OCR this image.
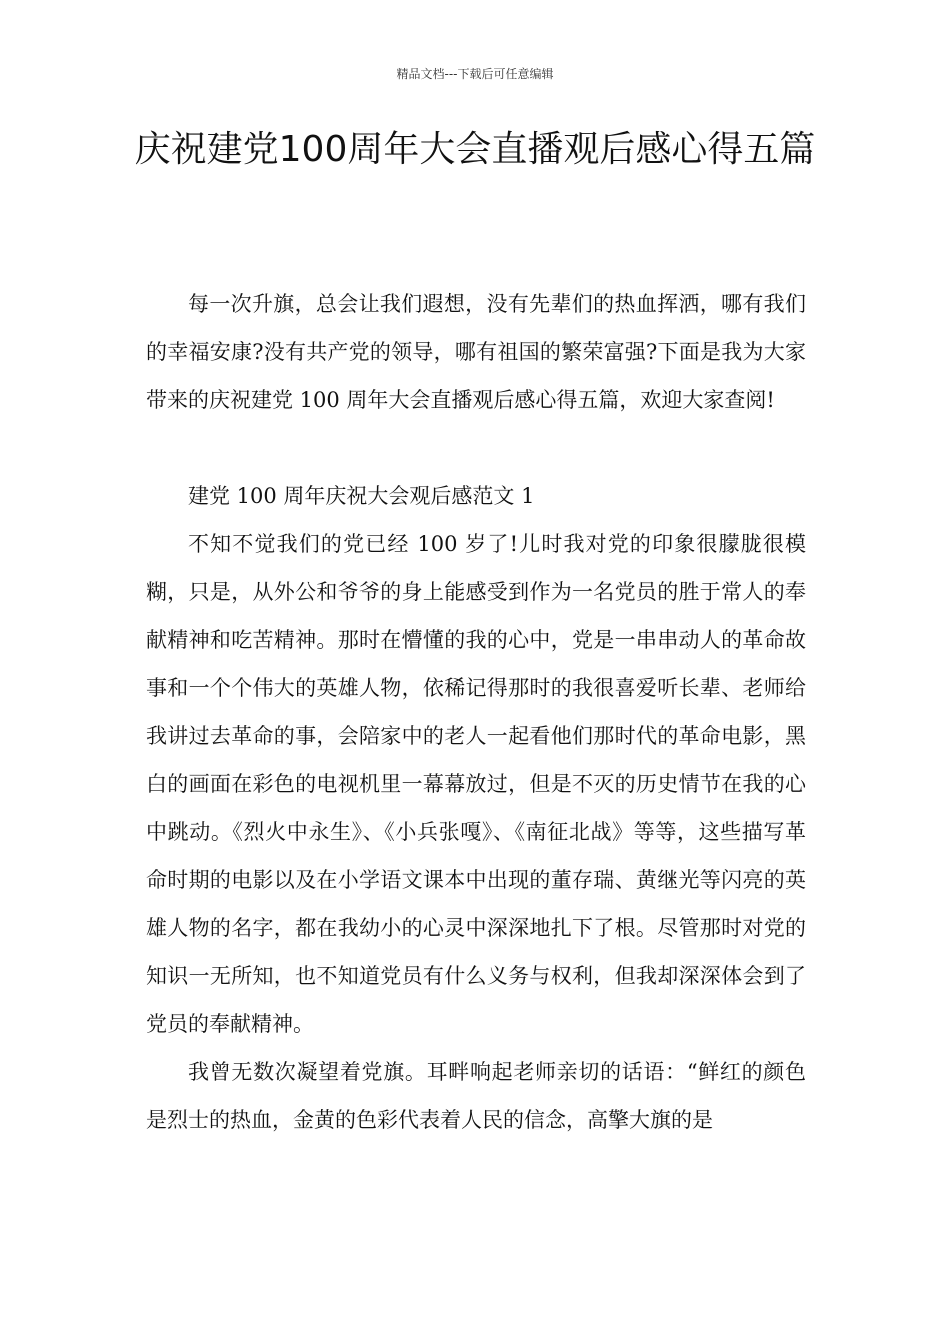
精品文档---下载后可任意编辑
庆祝建党100周年大会直播观后感心得五篇

每一次升旗，总会让我们遐想，没有先辈们的热血挥洒，哪有我们的幸福安康?没有共产党的领导，哪有祖国的繁荣富强?下面是我为大家带来的庆祝建党 100 周年大会直播观后感心得五篇，欢迎大家查阅!

建党 100 周年庆祝大会观后感范文 1

不知不觉我们的党已经 100 岁了!儿时我对党的印象很朦胧很模糊，只是，从外公和爷爷的身上能感受到作为一名党员的胜于常人的奉献精神和吃苦精神。那时在懵懂的我的心中，党是一串串动人的革命故事和一个个伟大的英雄人物，依稀记得那时的我很喜爱听长辈、老师给我讲过去革命的事，会陪家中的老人一起看他们那时代的革命电影，黑白的画面在彩色的电视机里一幕幕放过，但是不灭的历史情节在我的心中跳动。《烈火中永生》、《小兵张嘎》、《南征北战》等等，这些描写革命时期的电影以及在小学语文课本中出现的董存瑞、黄继光等闪亮的英雄人物的名字，都在我幼小的心灵中深深地扎下了根。尽管那时对党的知识一无所知，也不知道党员有什么义务与权利，但我却深深体会到了党员的奉献精神。

我曾无数次凝望着党旗。耳畔响起老师亲切的话语：“鲜红的颜色是烈士的热血，金黄的色彩代表着人民的信念，高擎大旗的是
